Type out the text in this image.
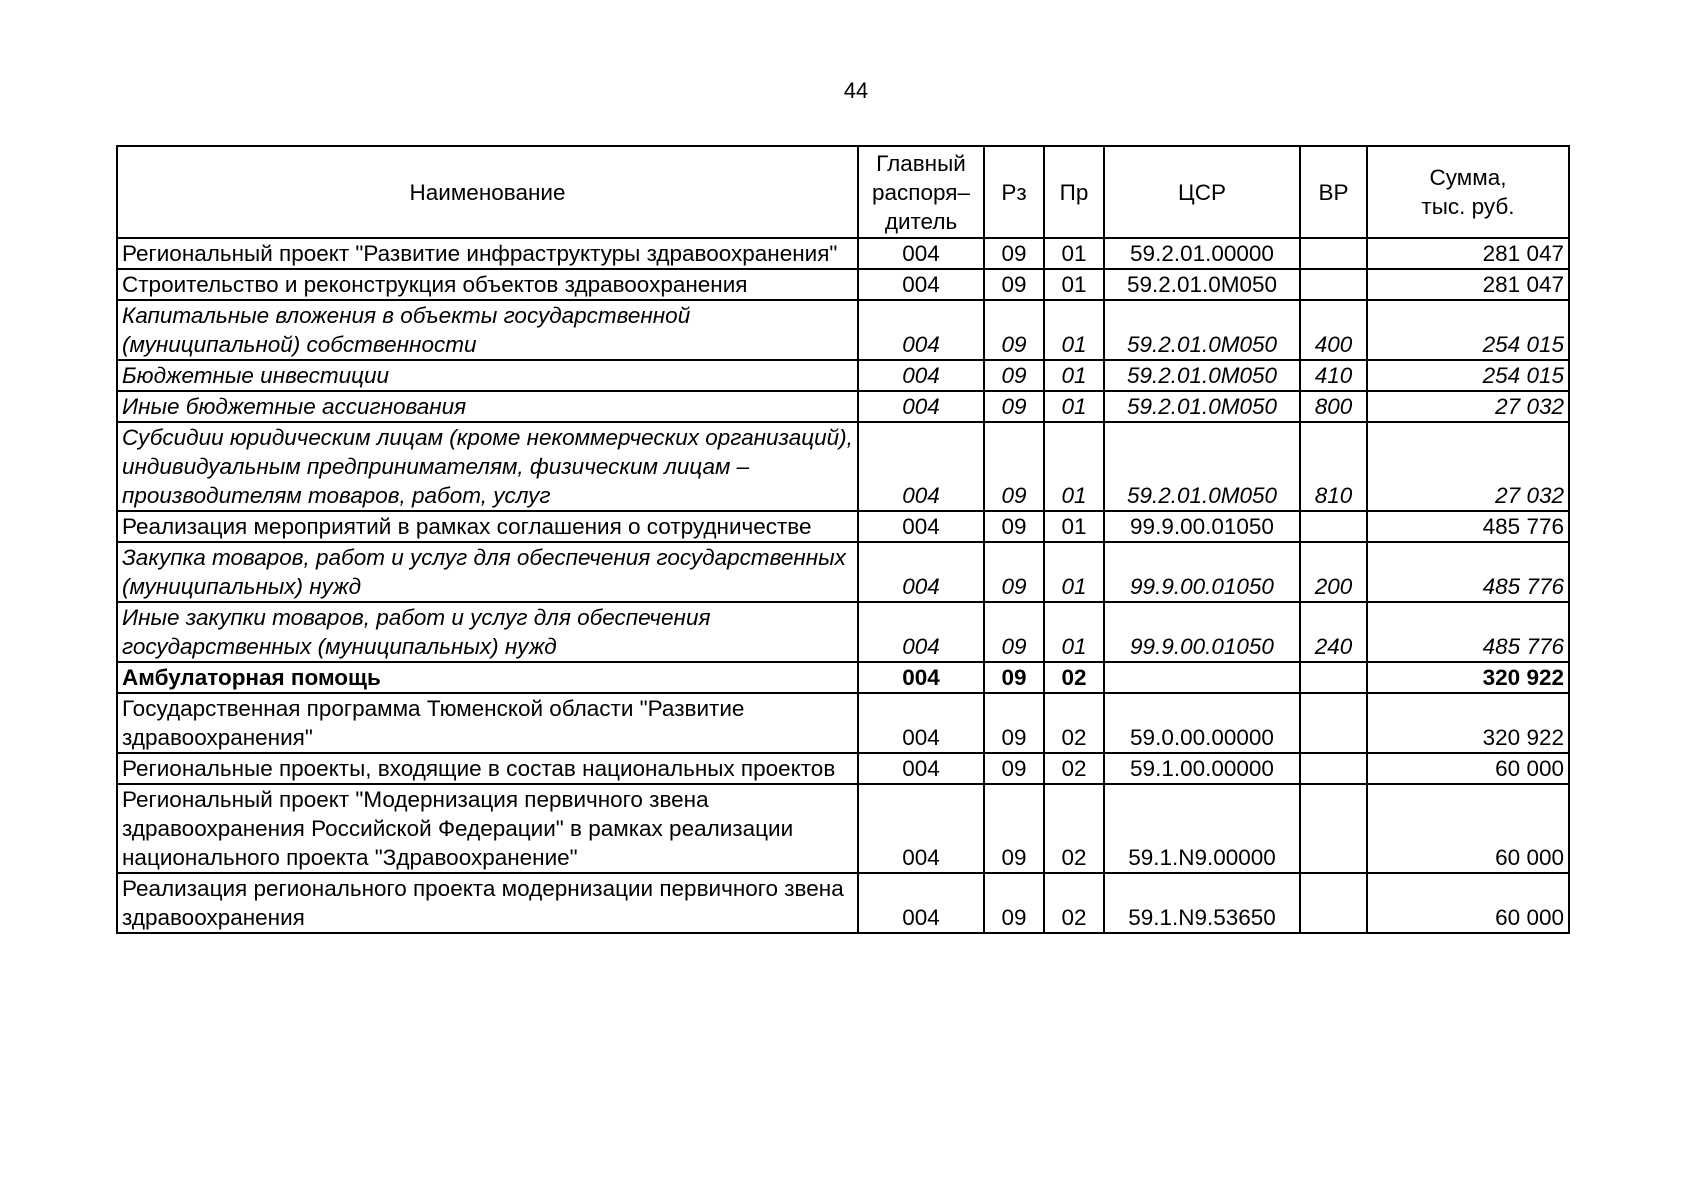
44
Наименование	Главный
распоря–
дитель	Рз	Пр	ЦСР	ВР	Сумма,
тыс. руб.
Региональный проект "Развитие инфраструктуры здравоохранения"	004	09	01	59.2.01.00000		281 047
Строительство и реконструкция объектов здравоохранения	004	09	01	59.2.01.0М050		281 047
Капитальные вложения в объекты государственной (муниципальной) собственности	004	09	01	59.2.01.0М050	400	254 015
Бюджетные инвестиции	004	09	01	59.2.01.0М050	410	254 015
Иные бюджетные ассигнования	004	09	01	59.2.01.0М050	800	27 032
Субсидии юридическим лицам (кроме некоммерческих организаций), индивидуальным предпринимателям, физическим лицам – производителям товаров, работ, услуг	004	09	01	59.2.01.0М050	810	27 032
Реализация мероприятий в рамках соглашения о сотрудничестве	004	09	01	99.9.00.01050		485 776
Закупка товаров, работ и услуг для обеспечения государственных (муниципальных) нужд	004	09	01	99.9.00.01050	200	485 776
Иные закупки товаров, работ и услуг для обеспечения государственных (муниципальных) нужд	004	09	01	99.9.00.01050	240	485 776
Амбулаторная помощь	004	09	02			320 922
Государственная программа Тюменской области "Развитие здравоохранения"	004	09	02	59.0.00.00000		320 922
Региональные проекты, входящие в состав национальных проектов	004	09	02	59.1.00.00000		60 000
Региональный проект "Модернизация первичного звена здравоохранения Российской Федерации" в рамках реализации национального проекта "Здравоохранение"	004	09	02	59.1.N9.00000		60 000
Реализация регионального проекта модернизации первичного звена здравоохранения	004	09	02	59.1.N9.53650		60 000
